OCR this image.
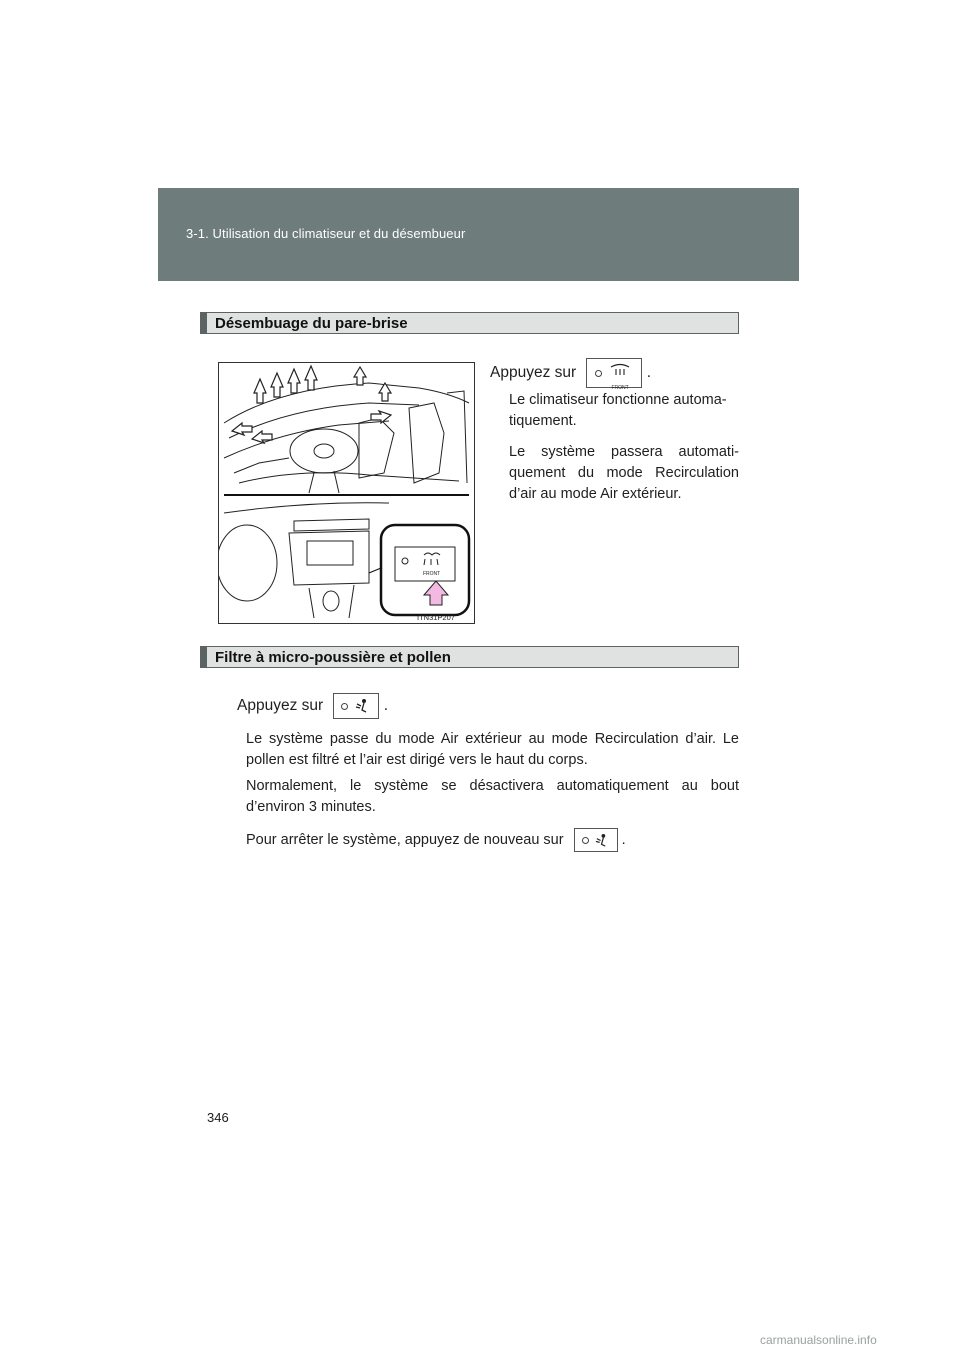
3-1. Utilisation du climatiseur et du désembueur
Désembuage du pare-brise
FRONT
ITN31P207
Appuyez sur
FRONT
.
Le climatiseur fonctionne automa-
tiquement.
Le système passera automati-
quement du mode Recirculation
d’air au mode Air extérieur.
Filtre à micro-poussière et pollen
Appuyez sur	.
Le système passe du mode Air extérieur au mode Recirculation d’air. Le
pollen est filtré et l’air est dirigé vers le haut du corps.
Normalement, le système se désactivera automatiquement au bout
d’environ 3 minutes.
Pour arrêter le système, appuyez de nouveau sur	.
346
carmanualsonline.info
